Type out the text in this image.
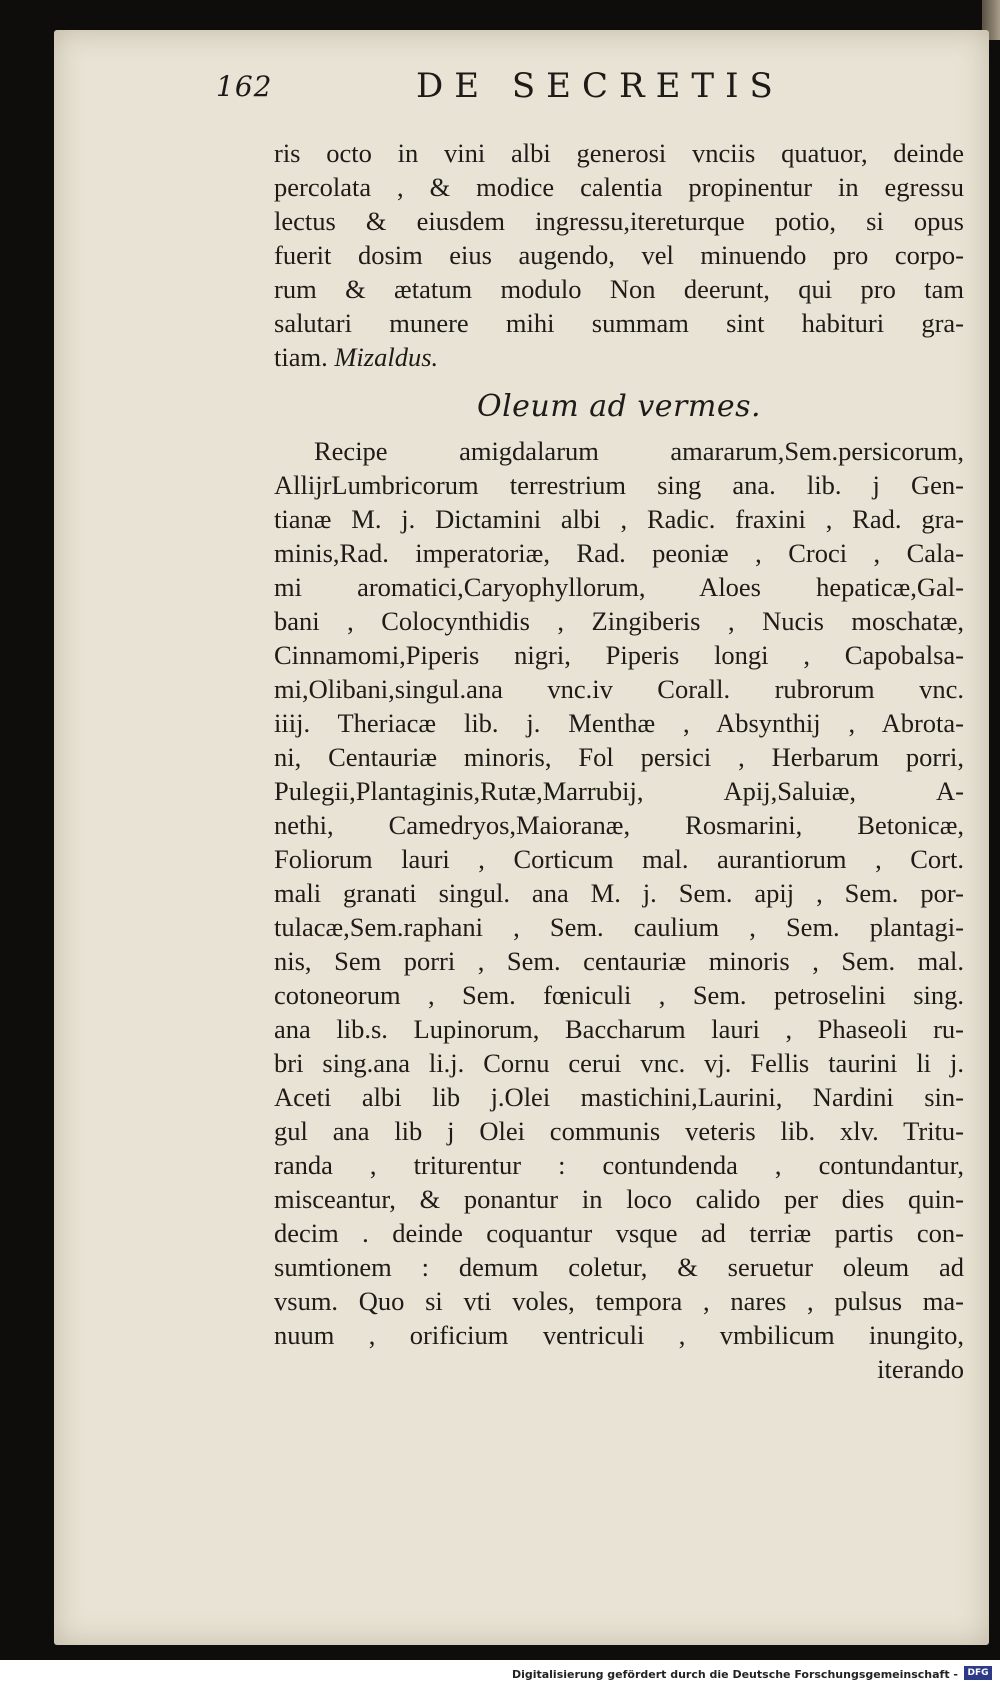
162	DE SECRETIS
ris octo in vini albi generosi vnciis quatuor, deinde
percolata , & modice calentia propinentur in egressu
lectus & eiusdem ingressu,itereturque potio, si opus
fuerit dosim eius augendo, vel minuendo pro corpo-
rum & ætatum modulo Non deerunt, qui pro tam
salutari munere mihi summam sint habituri gra-
tiam. Mizaldus.
Oleum ad vermes.
Recipe amigdalarum amararum,Sem.persicorum,
AllijrLumbricorum terrestrium sing ana. lib. j Gen-
tianæ M. j. Dictamini albi , Radic. fraxini , Rad. gra-
minis,Rad. imperatoriæ, Rad. peoniæ , Croci , Cala-
mi aromatici,Caryophyllorum, Aloes hepaticæ,Gal-
bani , Colocynthidis , Zingiberis , Nucis moschatæ,
Cinnamomi,Piperis nigri, Piperis longi , Capobalsa-
mi,Olibani,singul.ana vnc.iv Corall. rubrorum vnc.
iiij. Theriacæ lib. j. Menthæ , Absynthij , Abrota-
ni, Centauriæ minoris, Fol persici , Herbarum porri,
Pulegii,Plantaginis,Rutæ,Marrubij, Apij,Saluiæ, A-
nethi, Camedryos,Maioranæ, Rosmarini, Betonicæ,
Foliorum lauri , Corticum mal. aurantiorum , Cort.
mali granati singul. ana M. j. Sem. apij , Sem. por-
tulacæ,Sem.raphani , Sem. caulium , Sem. plantagi-
nis, Sem porri , Sem. centauriæ minoris , Sem. mal.
cotoneorum , Sem. fœniculi , Sem. petroselini sing.
ana lib.s. Lupinorum, Baccharum lauri , Phaseoli ru-
bri sing.ana li.j. Cornu cerui vnc. vj. Fellis taurini li j.
Aceti albi lib j.Olei mastichini,Laurini, Nardini sin-
gul ana lib j Olei communis veteris lib. xlv. Tritu-
randa , triturentur : contundenda , contundantur,
misceantur, & ponantur in loco calido per dies quin-
decim . deinde coquantur vsque ad terriæ partis con-
sumtionem : demum coletur, & seruetur oleum ad
vsum. Quo si vti voles, tempora , nares , pulsus ma-
nuum , orificium ventriculi , vmbilicum inungito,
iterando
Digitalisierung gefördert durch die Deutsche Forschungsgemeinschaft -	DFG
